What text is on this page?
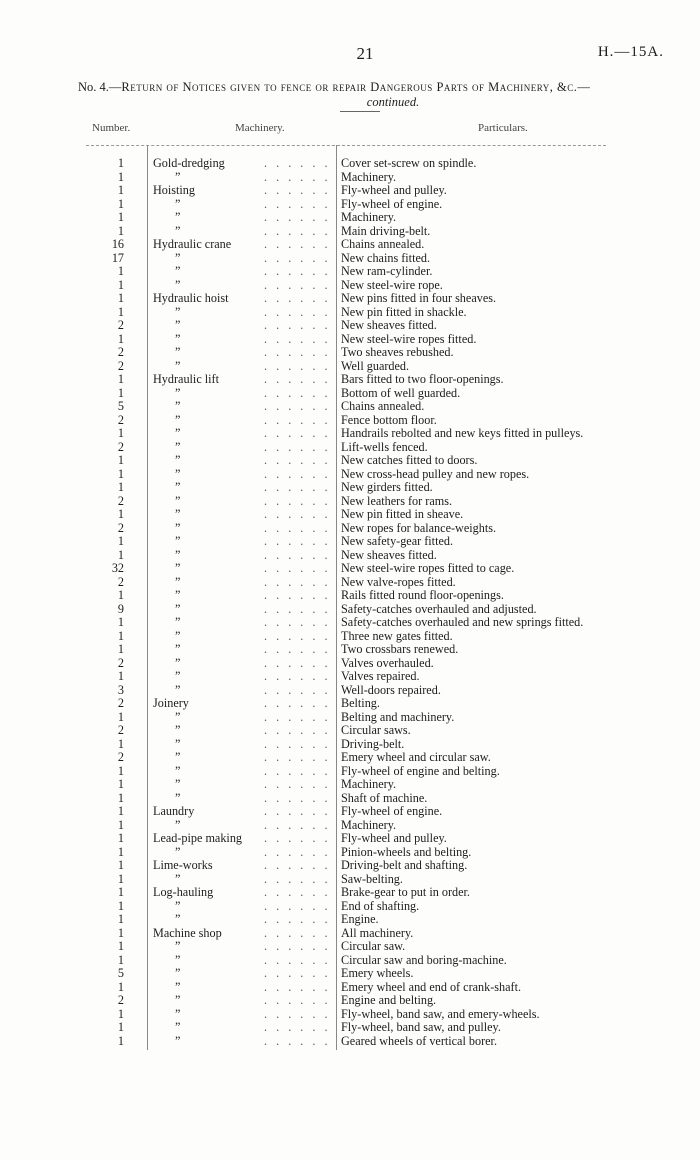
21	H.—15A.
No. 4.—Return of Notices given to fence or repair Dangerous Parts of Machinery, &c.—
continued.
Number.	Machinery.	Particulars.
1 Gold-dredging	. . . . . . Cover set-screw on spindle.
1	”	. . . . . . Machinery.
1 Hoisting	. . . . . . Fly-wheel and pulley.
1	”	. . . . . . Fly-wheel of engine.
1	”	. . . . . . Machinery.
1	”	. . . . . . Main driving-belt.
16 Hydraulic crane	. . . . . . Chains annealed.
17	”	. . . . . . New chains fitted.
1	”	. . . . . . New ram-cylinder.
1	”	. . . . . . New steel-wire rope.
1 Hydraulic hoist	. . . . . . New pins fitted in four sheaves.
1	”	. . . . . . New pin fitted in shackle.
2	”	. . . . . . New sheaves fitted.
1	”	. . . . . . New steel-wire ropes fitted.
2	”	. . . . . . Two sheaves rebushed.
2	”	. . . . . . Well guarded.
1 Hydraulic lift	. . . . . . Bars fitted to two floor-openings.
1	”	. . . . . . Bottom of well guarded.
5	”	. . . . . . Chains annealed.
2	”	. . . . . . Fence bottom floor.
1	”	. . . . . . Handrails rebolted and new keys fitted in pulleys.
2	”	. . . . . . Lift-wells fenced.
1	”	. . . . . . New catches fitted to doors.
1	”	. . . . . . New cross-head pulley and new ropes.
1	”	. . . . . . New girders fitted.
2	”	. . . . . . New leathers for rams.
1	”	. . . . . . New pin fitted in sheave.
2	”	. . . . . . New ropes for balance-weights.
1	”	. . . . . . New safety-gear fitted.
1	”	. . . . . . New sheaves fitted.
32	”	. . . . . . New steel-wire ropes fitted to cage.
2	”	. . . . . . New valve-ropes fitted.
1	”	. . . . . . Rails fitted round floor-openings.
9	”	. . . . . . Safety-catches overhauled and adjusted.
1	”	. . . . . . Safety-catches overhauled and new springs fitted.
1	”	. . . . . . Three new gates fitted.
1	”	. . . . . . Two crossbars renewed.
2	”	. . . . . . Valves overhauled.
1	”	. . . . . . Valves repaired.
3	”	. . . . . . Well-doors repaired.
2 Joinery	. . . . . . Belting.
1	”	. . . . . . Belting and machinery.
2	”	. . . . . . Circular saws.
1	”	. . . . . . Driving-belt.
2	”	. . . . . . Emery wheel and circular saw.
1	”	. . . . . . Fly-wheel of engine and belting.
1	”	. . . . . . Machinery.
1	”	. . . . . . Shaft of machine.
1 Laundry	. . . . . . Fly-wheel of engine.
1	”	. . . . . . Machinery.
1 Lead-pipe making	. . . . . . Fly-wheel and pulley.
1	”	. . . . . . Pinion-wheels and belting.
1 Lime-works	. . . . . . Driving-belt and shafting.
1	”	. . . . . . Saw-belting.
1 Log-hauling	. . . . . . Brake-gear to put in order.
1	”	. . . . . . End of shafting.
1	”	. . . . . . Engine.
1 Machine shop	. . . . . . All machinery.
1	”	. . . . . . Circular saw.
1	”	. . . . . . Circular saw and boring-machine.
5	”	. . . . . . Emery wheels.
1	”	. . . . . . Emery wheel and end of crank-shaft.
2	”	. . . . . . Engine and belting.
1	”	. . . . . . Fly-wheel, band saw, and emery-wheels.
1	”	. . . . . . Fly-wheel, band saw, and pulley.
1	”	. . . . . . Geared wheels of vertical borer.
